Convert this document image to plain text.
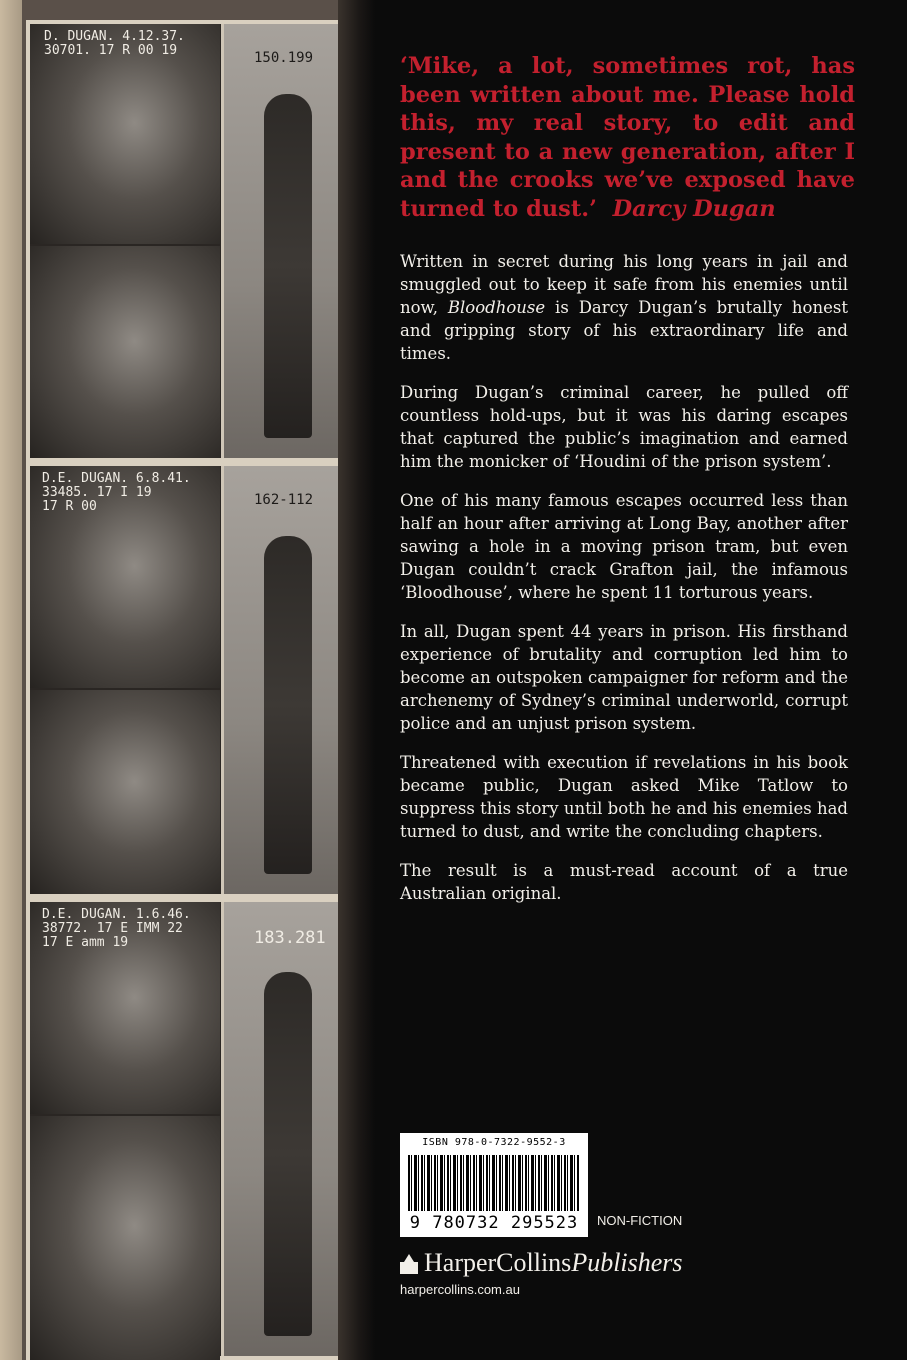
D. DUGAN. 4.12.37.
30701. 17 R 00 19	150.199
D.E. DUGAN. 6.8.41.
33485. 17 I 19
17 R 00	162-112
D.E. DUGAN. 1.6.46.
38772. 17 E IMM 22
17 E amm 19	183.281
‘Mike, a lot, sometimes rot, has been written about me. Please hold this, my real story, to edit and present to a new generation, after I and the crooks we’ve exposed have turned to dust.’ Darcy Dugan

Written in secret during his long years in jail and smuggled out to keep it safe from his enemies until now, Bloodhouse is Darcy Dugan’s brutally honest and gripping story of his extraordinary life and times.

During Dugan’s criminal career, he pulled off countless hold-ups, but it was his daring escapes that captured the public’s imagination and earned him the monicker of ‘Houdini of the prison system’.

One of his many famous escapes occurred less than half an hour after arriving at Long Bay, another after sawing a hole in a moving prison tram, but even Dugan couldn’t crack Grafton jail, the infamous ‘Bloodhouse’, where he spent 11 torturous years.

In all, Dugan spent 44 years in prison. His firsthand experience of brutality and corruption led him to become an outspoken campaigner for reform and the archenemy of Sydney’s criminal underworld, corrupt police and an unjust prison system.

Threatened with execution if revelations in his book became public, Dugan asked Mike Tatlow to suppress this story until both he and his enemies had turned to dust, and write the concluding chapters.

The result is a must-read account of a true Australian original.

ISBN 978-0-7322-9552-3
9 780732 295523	NON-FICTION
HarperCollinsPublishers
harpercollins.com.au
